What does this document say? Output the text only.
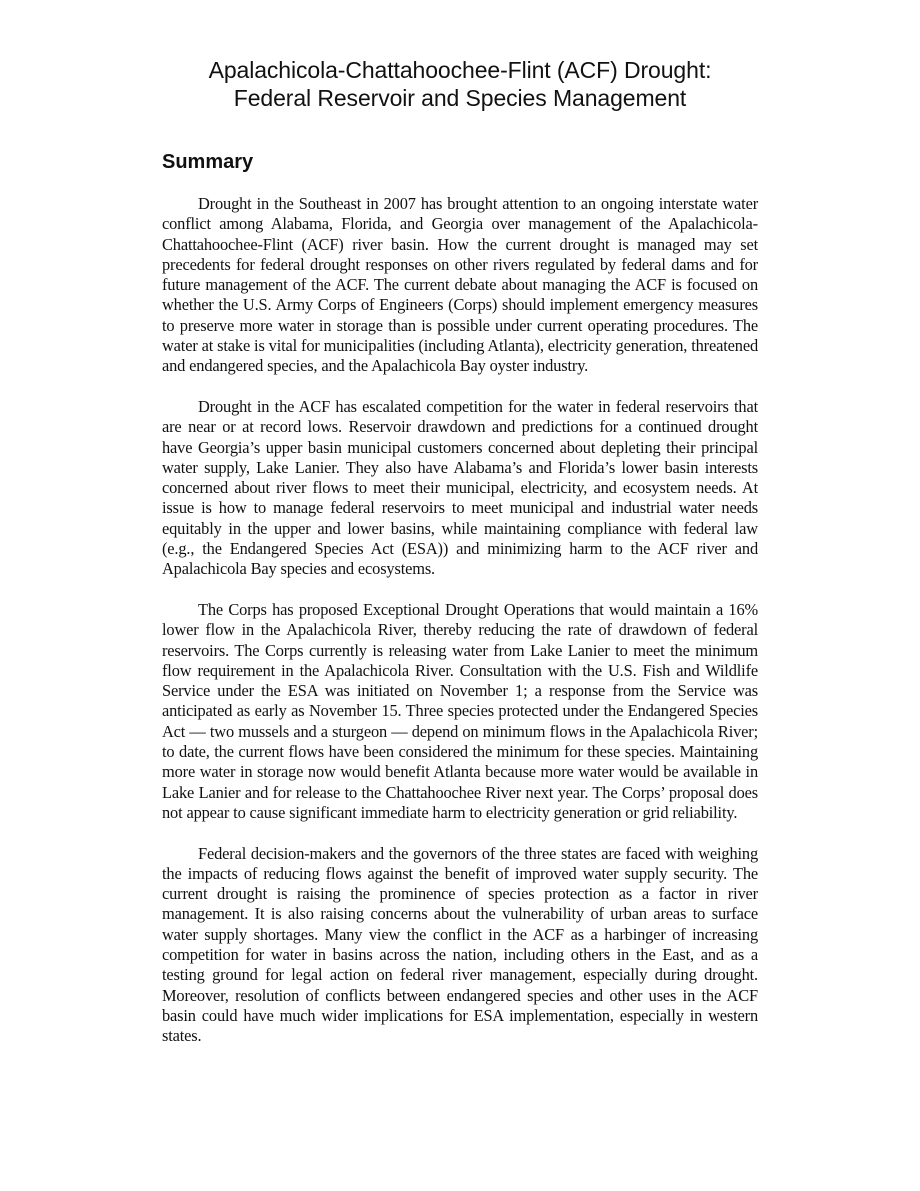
Apalachicola-Chattahoochee-Flint (ACF) Drought:
Federal Reservoir and Species Management
Summary

Drought in the Southeast in 2007 has brought attention to an ongoing interstate water conflict among Alabama, Florida, and Georgia over management of the Apalachicola-Chattahoochee-Flint (ACF) river basin. How the current drought is managed may set precedents for federal drought responses on other rivers regulated by federal dams and for future management of the ACF. The current debate about managing the ACF is focused on whether the U.S. Army Corps of Engineers (Corps) should implement emergency measures to preserve more water in storage than is possible under current operating procedures. The water at stake is vital for municipalities (including Atlanta), electricity generation, threatened and endangered species, and the Apalachicola Bay oyster industry.

Drought in the ACF has escalated competition for the water in federal reservoirs that are near or at record lows. Reservoir drawdown and predictions for a continued drought have Georgia’s upper basin municipal customers concerned about depleting their principal water supply, Lake Lanier. They also have Alabama’s and Florida’s lower basin interests concerned about river flows to meet their municipal, electricity, and ecosystem needs. At issue is how to manage federal reservoirs to meet municipal and industrial water needs equitably in the upper and lower basins, while maintaining compliance with federal law (e.g., the Endangered Species Act (ESA)) and minimizing harm to the ACF river and Apalachicola Bay species and ecosystems.

The Corps has proposed Exceptional Drought Operations that would maintain a 16% lower flow in the Apalachicola River, thereby reducing the rate of drawdown of federal reservoirs. The Corps currently is releasing water from Lake Lanier to meet the minimum flow requirement in the Apalachicola River. Consultation with the U.S. Fish and Wildlife Service under the ESA was initiated on November 1; a response from the Service was anticipated as early as November 15. Three species protected under the Endangered Species Act — two mussels and a sturgeon — depend on minimum flows in the Apalachicola River; to date, the current flows have been considered the minimum for these species. Maintaining more water in storage now would benefit Atlanta because more water would be available in Lake Lanier and for release to the Chattahoochee River next year. The Corps’ proposal does not appear to cause significant immediate harm to electricity generation or grid reliability.

Federal decision-makers and the governors of the three states are faced with weighing the impacts of reducing flows against the benefit of improved water supply security. The current drought is raising the prominence of species protection as a factor in river management. It is also raising concerns about the vulnerability of urban areas to surface water supply shortages. Many view the conflict in the ACF as a harbinger of increasing competition for water in basins across the nation, including others in the East, and as a testing ground for legal action on federal river management, especially during drought. Moreover, resolution of conflicts between endangered species and other uses in the ACF basin could have much wider implications for ESA implementation, especially in western states.
